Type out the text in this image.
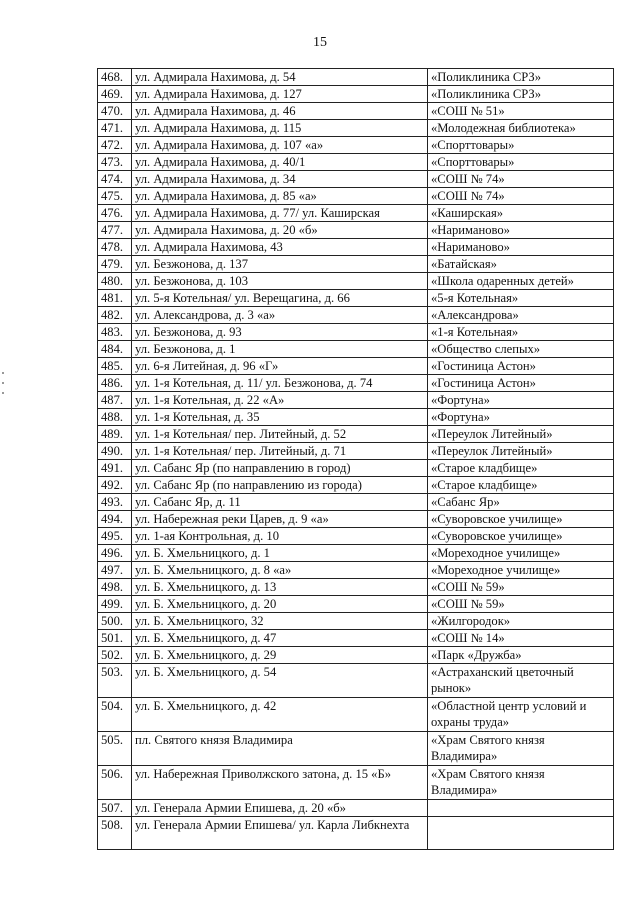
15
468.	ул. Адмирала Нахимова, д. 54	«Поликлиника СРЗ»
469.	ул. Адмирала Нахимова, д. 127	«Поликлиника СРЗ»
470.	ул. Адмирала Нахимова, д. 46	«СОШ № 51»
471.	ул. Адмирала Нахимова, д. 115	«Молодежная библиотека»
472.	ул. Адмирала Нахимова, д. 107 «а»	«Спорттовары»
473.	ул. Адмирала Нахимова, д. 40/1	«Спорттовары»
474.	ул. Адмирала Нахимова, д. 34	«СОШ № 74»
475.	ул. Адмирала Нахимова, д. 85 «а»	«СОШ № 74»
476.	ул. Адмирала Нахимова, д. 77/ ул. Каширская	«Каширская»
477.	ул. Адмирала Нахимова, д. 20 «б»	«Нариманово»
478.	ул. Адмирала Нахимова, 43	«Нариманово»
479.	ул. Безжонова, д. 137	«Батайская»
480.	ул. Безжонова, д. 103	«Школа одаренных детей»
481.	ул. 5-я Котельная/ ул. Верещагина, д. 66	«5-я Котельная»
482.	ул. Александрова, д. 3 «а»	«Александрова»
483.	ул. Безжонова, д. 93	«1-я Котельная»
484.	ул. Безжонова, д. 1	«Общество слепых»
485.	ул. 6-я Литейная, д. 96 «Г»	«Гостиница Астон»
486.	ул. 1-я Котельная, д. 11/ ул. Безжонова, д. 74	«Гостиница Астон»
487.	ул. 1-я Котельная, д. 22 «А»	«Фортуна»
488.	ул. 1-я Котельная, д. 35	«Фортуна»
489.	ул. 1-я Котельная/ пер. Литейный, д. 52	«Переулок Литейный»
490.	ул. 1-я Котельная/ пер. Литейный, д. 71	«Переулок Литейный»
491.	ул. Сабанс Яр (по направлению в город)	«Старое кладбище»
492.	ул. Сабанс Яр (по направлению из города)	«Старое кладбище»
493.	ул. Сабанс Яр, д. 11	«Сабанс Яр»
494.	ул. Набережная реки Царев, д. 9 «а»	«Суворовское училище»
495.	ул. 1-ая Контрольная, д. 10	«Суворовское училище»
496.	ул. Б. Хмельницкого, д. 1	«Мореходное училище»
497.	ул. Б. Хмельницкого, д. 8 «а»	«Мореходное училище»
498.	ул. Б. Хмельницкого, д. 13	«СОШ № 59»
499.	ул. Б. Хмельницкого, д. 20	«СОШ № 59»
500.	ул. Б. Хмельницкого, 32	«Жилгородок»
501.	ул. Б. Хмельницкого, д. 47	«СОШ № 14»
502.	ул. Б. Хмельницкого, д. 29	«Парк «Дружба»
503.	ул. Б. Хмельницкого, д. 54	«Астраханский цветочный рынок»
504.	ул. Б. Хмельницкого, д. 42	«Областной центр условий и охраны труда»
505.	пл. Святого князя Владимира	«Храм Святого князя Владимира»
506.	ул. Набережная Приволжского затона, д. 15 «Б»	«Храм Святого князя Владимира»
507.	ул. Генерала Армии Епишева, д. 20 «б»	
508.	ул. Генерала Армии Епишева/ ул. Карла Либкнехта	
